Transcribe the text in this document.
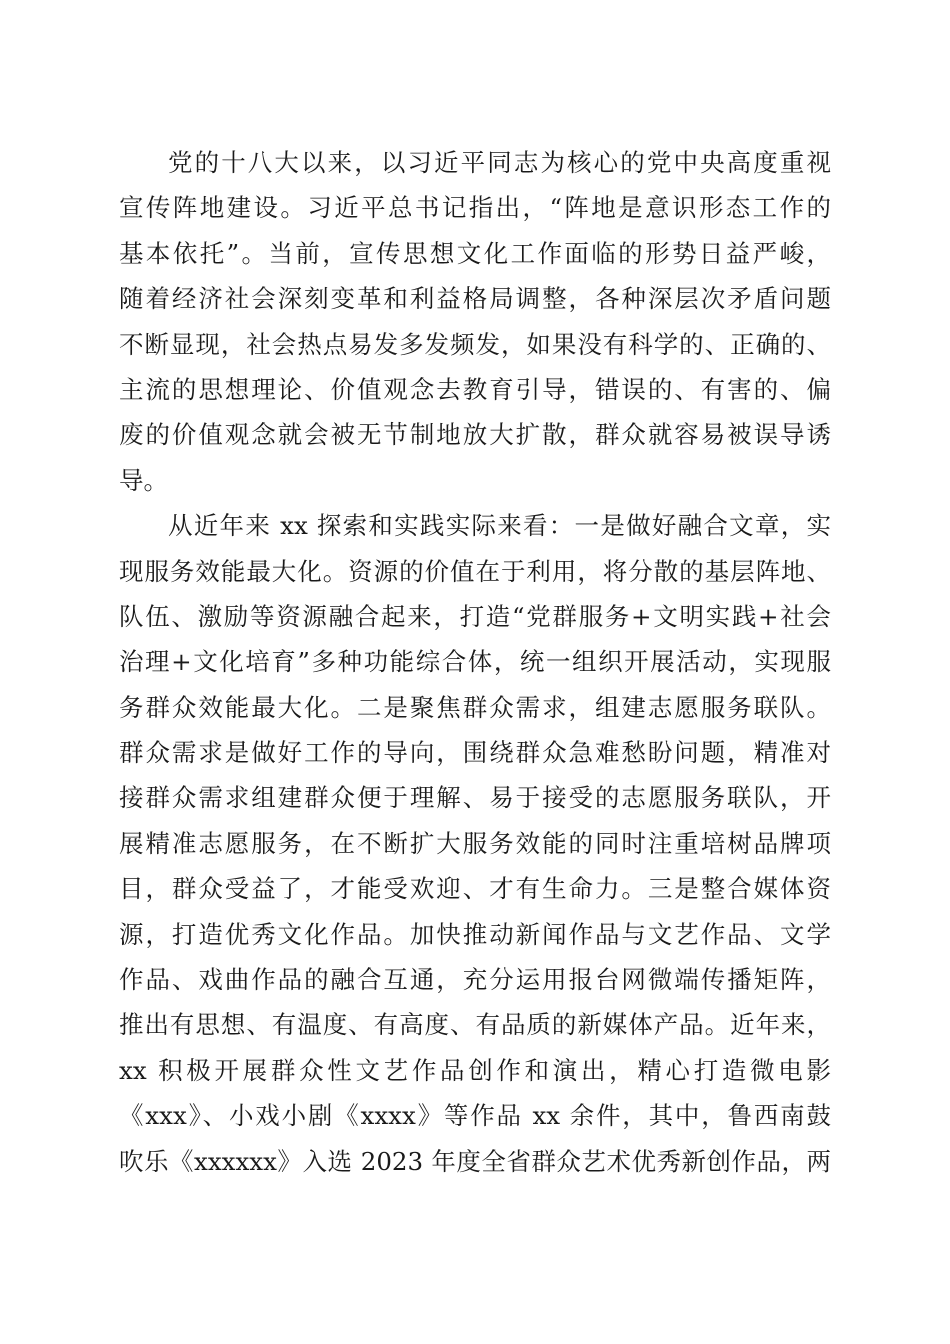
党的十八大以来，以习近平同志为核心的党中央高度重视
宣传阵地建设。习近平总书记指出，“阵地是意识形态工作的
基本依托”。当前，宣传思想文化工作面临的形势日益严峻，
随着经济社会深刻变革和利益格局调整，各种深层次矛盾问题
不断显现，社会热点易发多发频发，如果没有科学的、正确的、
主流的思想理论、价值观念去教育引导，错误的、有害的、偏
废的价值观念就会被无节制地放大扩散，群众就容易被误导诱
导。
从近年来 xx 探索和实践实际来看：一是做好融合文章，实
现服务效能最大化。资源的价值在于利用，将分散的基层阵地、
队伍、激励等资源融合起来，打造“党群服务+文明实践+社会
治理+文化培育”多种功能综合体，统一组织开展活动，实现服
务群众效能最大化。二是聚焦群众需求，组建志愿服务联队。
群众需求是做好工作的导向，围绕群众急难愁盼问题，精准对
接群众需求组建群众便于理解、易于接受的志愿服务联队，开
展精准志愿服务，在不断扩大服务效能的同时注重培树品牌项
目，群众受益了，才能受欢迎、才有生命力。三是整合媒体资
源，打造优秀文化作品。加快推动新闻作品与文艺作品、文学
作品、戏曲作品的融合互通，充分运用报台网微端传播矩阵，
推出有思想、有温度、有高度、有品质的新媒体产品。近年来，
xx 积极开展群众性文艺作品创作和演出，精心打造微电影
《xxx》、小戏小剧《xxxx》等作品 xx 余件，其中，鲁西南鼓
吹乐《xxxxxx》入选 2023 年度全省群众艺术优秀新创作品，两
